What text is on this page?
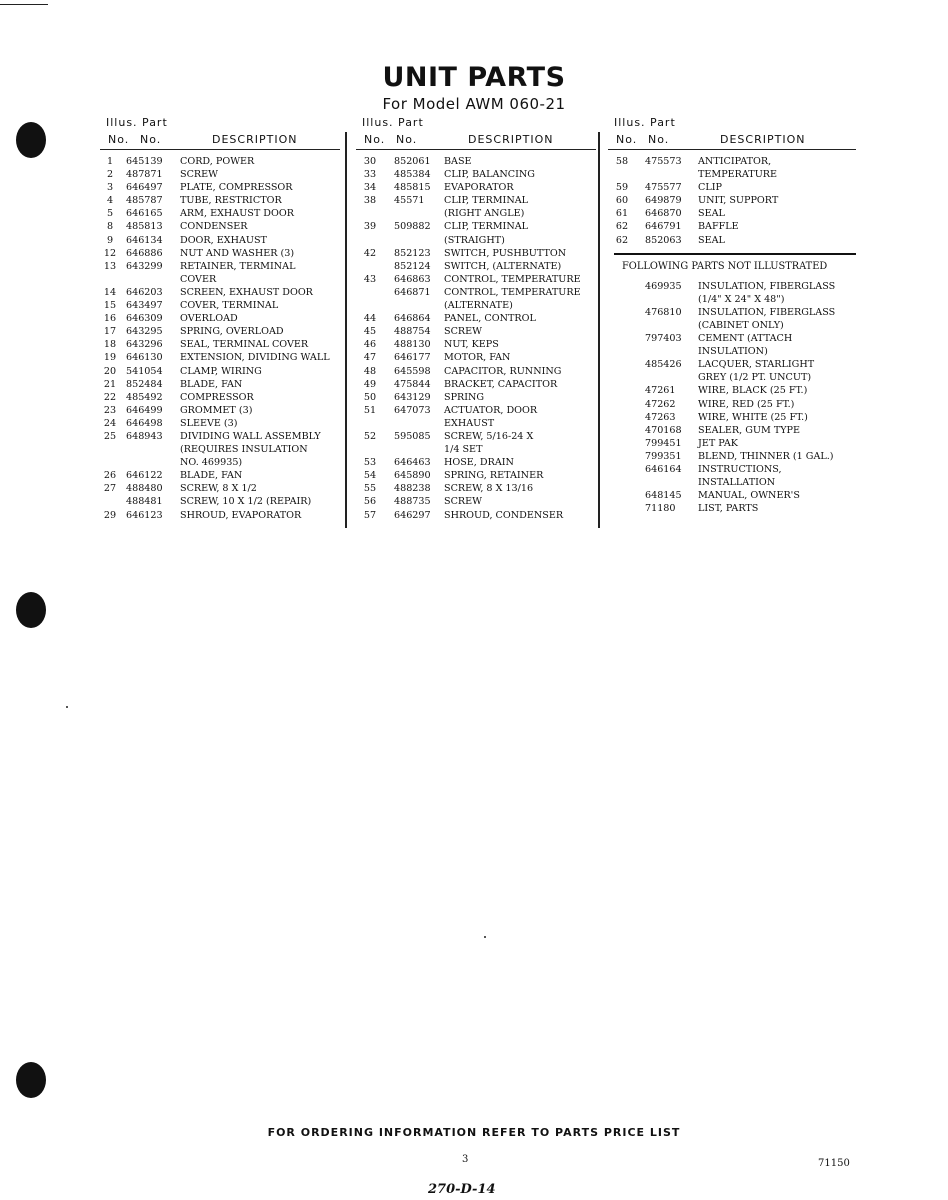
UNIT PARTS
For Model AWM 060-21
Illus. Part
No. No.	DESCRIPTION
1	645139 CORD, POWER
2	487871 SCREW
3	646497 PLATE, COMPRESSOR
4	485787 TUBE, RESTRICTOR
5	646165 ARM, EXHAUST DOOR
8	485813 CONDENSER
9	646134 DOOR, EXHAUST
12	646886 NUT AND WASHER (3)
13	643299 RETAINER, TERMINAL
COVER
14	646203 SCREEN, EXHAUST DOOR
15	643497 COVER, TERMINAL
16	646309 OVERLOAD
17	643295 SPRING, OVERLOAD
18	643296 SEAL, TERMINAL COVER
19	646130 EXTENSION, DIVIDING WALL
20	541054 CLAMP, WIRING
21	852484 BLADE, FAN
22	485492 COMPRESSOR
23	646499 GROMMET (3)
24	646498 SLEEVE (3)
25	648943 DIVIDING WALL ASSEMBLY
(REQUIRES INSULATION
NO. 469935)
26	646122 BLADE, FAN
27	488480 SCREW, 8 X 1/2
488481 SCREW, 10 X 1/2 (REPAIR)
29	646123 SHROUD, EVAPORATOR
Illus. Part
No. No.	DESCRIPTION
30	852061 BASE
33	485384 CLIP, BALANCING
34	485815 EVAPORATOR
38	45571 CLIP, TERMINAL
(RIGHT ANGLE)
39	509882 CLIP, TERMINAL
(STRAIGHT)
42	852123 SWITCH, PUSHBUTTON
852124 SWITCH, (ALTERNATE)
43	646863 CONTROL, TEMPERATURE
646871 CONTROL, TEMPERATURE
(ALTERNATE)
44	646864 PANEL, CONTROL
45	488754 SCREW
46	488130 NUT, KEPS
47	646177 MOTOR, FAN
48	645598 CAPACITOR, RUNNING
49	475844 BRACKET, CAPACITOR
50	643129 SPRING
51	647073 ACTUATOR, DOOR
EXHAUST
52	595085 SCREW, 5/16-24 X
1/4 SET
53	646463 HOSE, DRAIN
54	645890 SPRING, RETAINER
55	488238 SCREW, 8 X 13/16
56	488735 SCREW
57	646297 SHROUD, CONDENSER
Illus. Part
No. No.	DESCRIPTION
58	475573 ANTICIPATOR,
TEMPERATURE
59	475577 CLIP
60	649879 UNIT, SUPPORT
61	646870 SEAL
62	646791 BAFFLE
62	852063 SEAL
FOLLOWING PARTS NOT ILLUSTRATED
469935 INSULATION, FIBERGLASS
(1/4" X 24" X 48")
476810 INSULATION, FIBERGLASS
(CABINET ONLY)
797403 CEMENT (ATTACH
INSULATION)
485426 LACQUER, STARLIGHT
GREY (1/2 PT. UNCUT)
47261 WIRE, BLACK (25 FT.)
47262 WIRE, RED (25 FT.)
47263 WIRE, WHITE (25 FT.)
470168 SEALER, GUM TYPE
799451 JET PAK
799351 BLEND, THINNER (1 GAL.)
646164 INSTRUCTIONS,
INSTALLATION
648145 MANUAL, OWNER'S
71180 LIST, PARTS
FOR ORDERING INFORMATION REFER TO PARTS PRICE LIST
3	71150
270-D-14
